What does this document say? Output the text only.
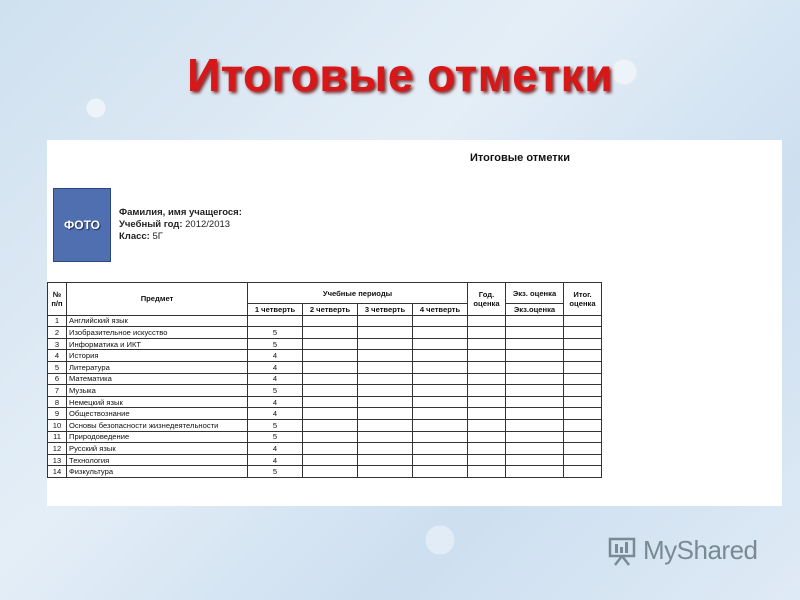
Итоговые отметки
Итоговые отметки
ФОТО
Фамилия, имя учащегося:
Учебный год: 2012/2013
Класс: 5Г
№ п/п	Предмет	Учебные периоды				Год. оценка	Экз. оценка	Итог. оценка
		1 четверть	2 четверть	3 четверть	4 четверть		Экз.оценка	
1	Английский язык							
2	Изобразительное искусство	5						
3	Информатика и ИКТ	5						
4	История	4						
5	Литература	4						
6	Математика	4						
7	Музыка	5						
8	Немецкий язык	4						
9	Обществознание	4						
10	Основы безопасности жизнедеятельности	5						
11	Природоведение	5						
12	Русский язык	4						
13	Технология	4						
14	Физкультура	5						
MyShared
